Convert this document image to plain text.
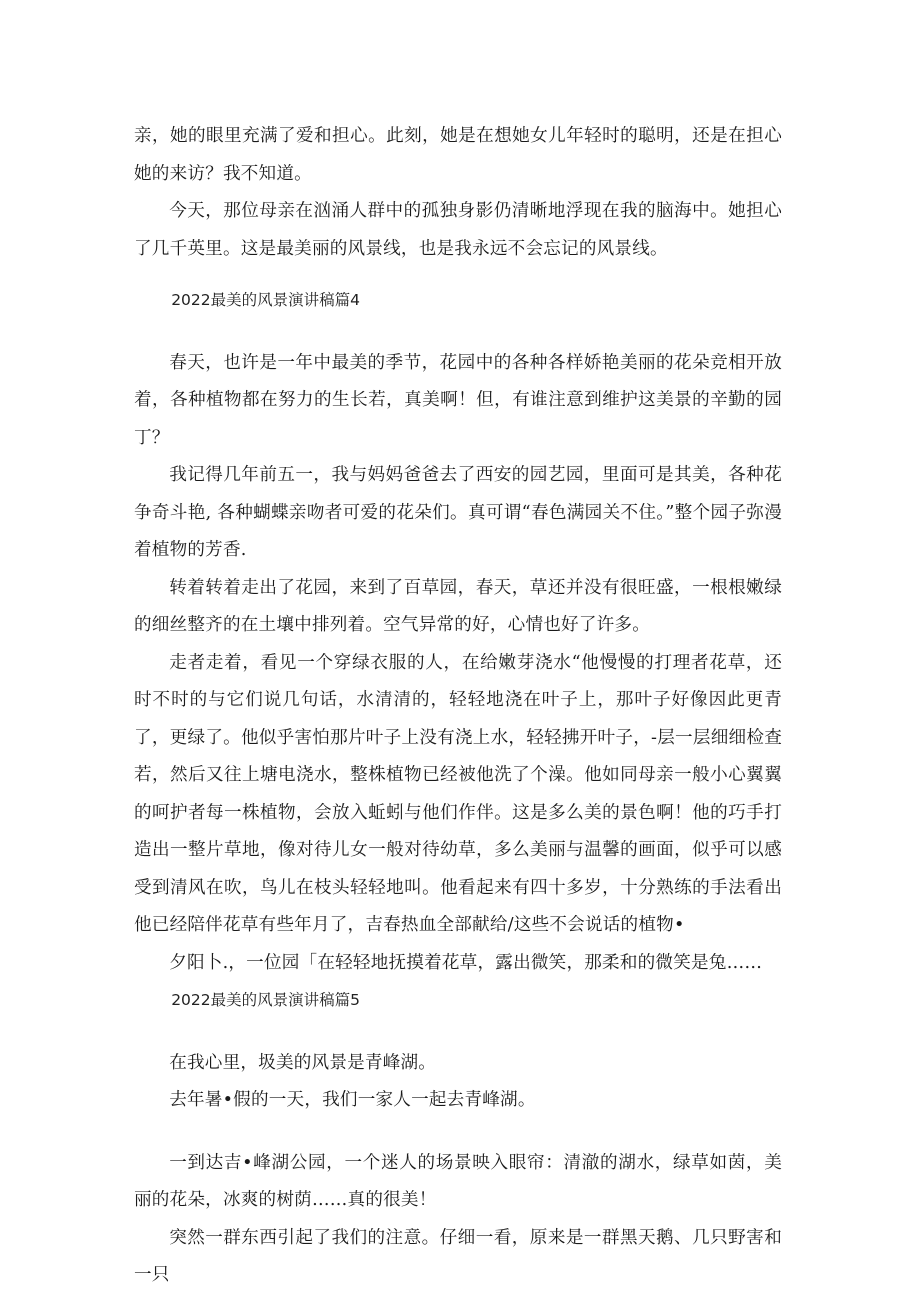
亲，她的眼里充满了爱和担心。此刻，她是在想她女儿年轻时的聪明，还是在担心她的来访？我不知道。

今天，那位母亲在汹涌人群中的孤独身影仍清晰地浮现在我的脑海中。她担心了几千英里。这是最美丽的风景线，也是我永远不会忘记的风景线。

2022最美的风景演讲稿篇4

春天，也许是一年中最美的季节，花园中的各种各样娇艳美丽的花朵竞相开放着，各种植物都在努力的生长若，真美啊！但，有谁注意到维护这美景的辛勤的园丁？

我记得几年前五一，我与妈妈爸爸去了西安的园艺园，里面可是其美，各种花争奇斗艳, 各种蝴蝶亲吻者可爱的花朵们。真可谓“春色满园关不住。”整个园子弥漫着植物的芳香.

转着转着走出了花园，来到了百草园，春天，草还并没有很旺盛，一根根嫩绿的细丝整齐的在土壤中排列着。空气异常的好，心情也好了许多。

走者走着，看见一个穿绿衣服的人，在给嫩芽浇水“他慢慢的打理者花草，还时不时的与它们说几句话，水清清的，轻轻地浇在叶子上，那叶子好像因此更青了，更绿了。他似乎害怕那片叶子上没有浇上水，轻轻拂开叶子，-层一层细细检查若，然后又往上塘电浇水，整株植物已经被他洗了个澡。他如同母亲一般小心翼翼的呵护者每一株植物，会放入蚯蚓与他们作伴。这是多么美的景色啊！他的巧手打造出一整片草地，像对待儿女一般对待幼草，多么美丽与温馨的画面，似乎可以感受到清风在吹，鸟儿在枝头轻轻地叫。他看起来有四十多岁，十分熟练的手法看出他已经陪伴花草有些年月了，吉春热血全部献给/这些不会说话的植物•

夕阳卜.，一位园「在轻轻地抚摸着花草，露出微笑，那柔和的微笑是兔……

2022最美的风景演讲稿篇5

在我心里，圾美的风景是青峰湖。

去年暑•假的一天，我们一家人一起去青峰湖。

一到达吉•峰湖公园，一个迷人的场景映入眼帘：清澈的湖水，绿草如茵，美丽的花朵，冰爽的树荫……真的很美！

突然一群东西引起了我们的注意。仔细一看，原来是一群黑天鹅、几只野害和一只
